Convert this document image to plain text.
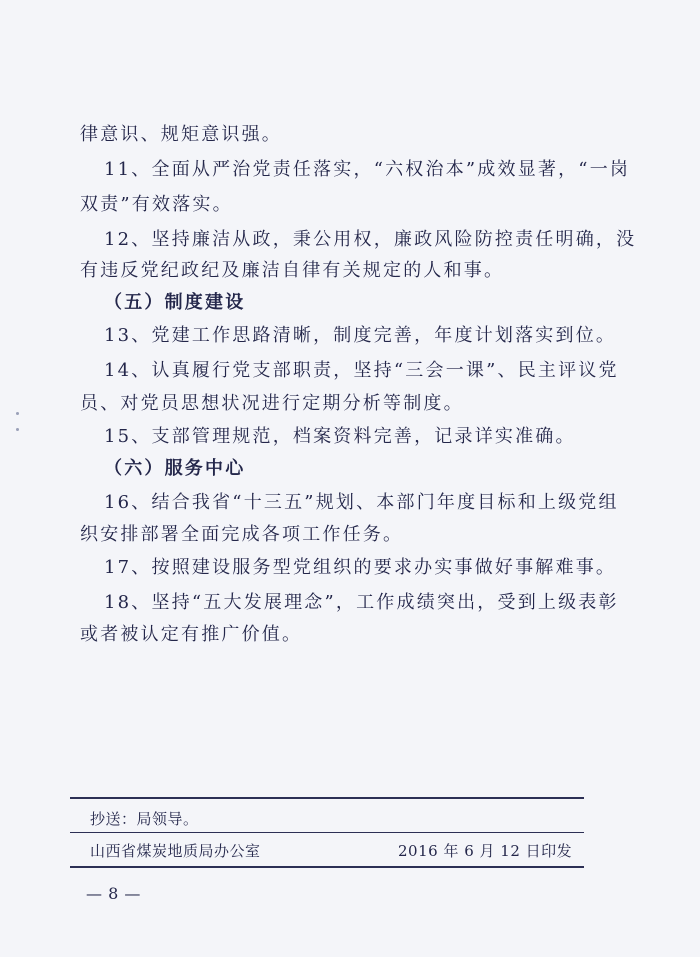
律意识、规矩意识强。
11、全面从严治党责任落实，“六权治本”成效显著，“一岗
双责”有效落实。
12、坚持廉洁从政，秉公用权，廉政风险防控责任明确，没
有违反党纪政纪及廉洁自律有关规定的人和事。
（五）制度建设
13、党建工作思路清晰，制度完善，年度计划落实到位。
14、认真履行党支部职责，坚持“三会一课”、民主评议党
员、对党员思想状况进行定期分析等制度。
15、支部管理规范，档案资料完善，记录详实准确。
（六）服务中心
16、结合我省“十三五”规划、本部门年度目标和上级党组
织安排部署全面完成各项工作任务。
17、按照建设服务型党组织的要求办实事做好事解难事。
18、坚持“五大发展理念”，工作成绩突出，受到上级表彰
或者被认定有推广价值。
抄送：局领导。
山西省煤炭地质局办公室	2016 年 6 月 12 日印发
— 8 —
